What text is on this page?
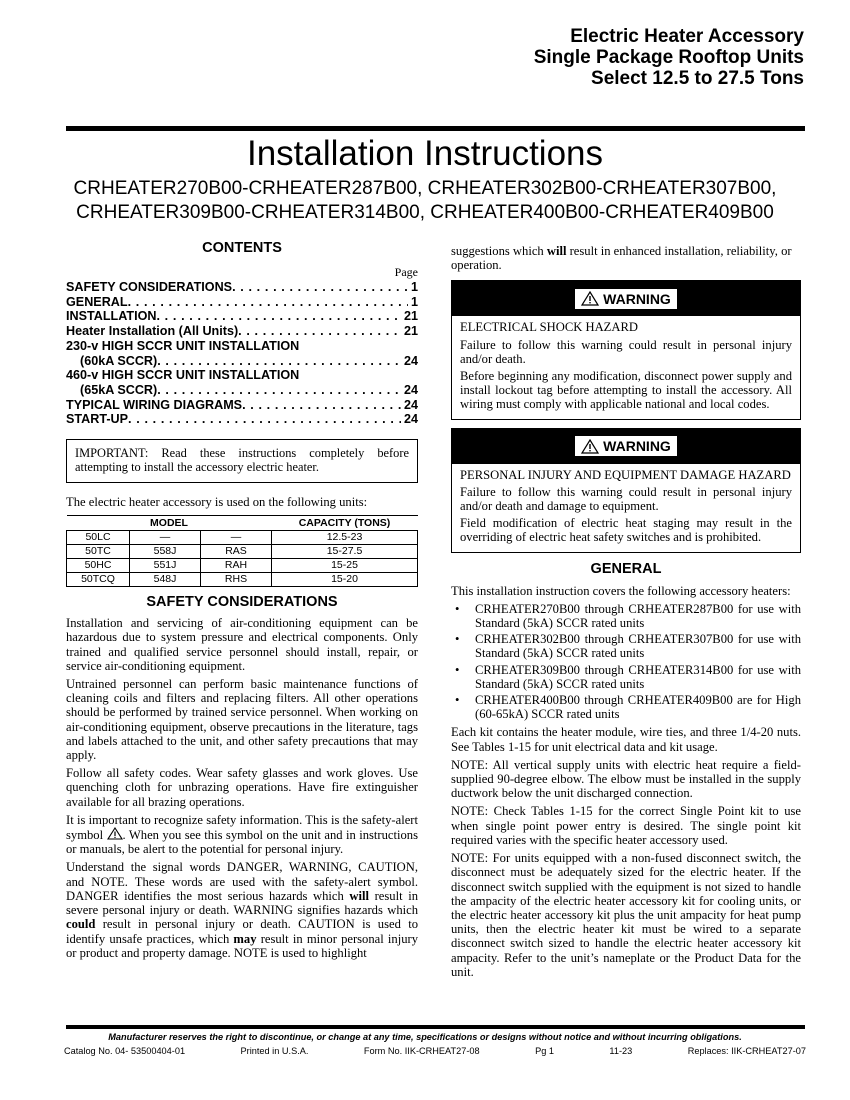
Electric Heater Accessory
Single Package Rooftop Units
Select 12.5 to 27.5 Tons
Installation Instructions
CRHEATER270B00-CRHEATER287B00, CRHEATER302B00-CRHEATER307B00,
CRHEATER309B00-CRHEATER314B00, CRHEATER400B00-CRHEATER409B00
CONTENTS
Page
SAFETY CONSIDERATIONS . . .	1
GENERAL . . .	1
INSTALLATION . . .	21
Heater Installation (All Units) . . .	21
230-v HIGH SCCR UNIT INSTALLATION
(60kA SCCR) . . .	24
460-v HIGH SCCR UNIT INSTALLATION
(65kA SCCR) . . .	24
TYPICAL WIRING DIAGRAMS . . .	24
START-UP . . .	24
IMPORTANT: Read these instructions completely before attempting to install the accessory electric heater.
The electric heater accessory is used on the following units:
MODEL			CAPACITY (TONS)
50LC	—	—	12.5-23
50TC	558J	RAS	15-27.5
50HC	551J	RAH	15-25
50TCQ	548J	RHS	15-20
SAFETY CONSIDERATIONS

Installation and servicing of air-conditioning equipment can be hazardous due to system pressure and electrical components. Only trained and qualified service personnel should install, repair, or service air-conditioning equipment.

Untrained personnel can perform basic maintenance functions of cleaning coils and filters and replacing filters. All other operations should be performed by trained service personnel. When working on air-conditioning equipment, observe precautions in the literature, tags and labels attached to the unit, and other safety precautions that may apply.

Follow all safety codes. Wear safety glasses and work gloves. Use quenching cloth for unbrazing operations. Have fire extinguisher available for all brazing operations.

It is important to recognize safety information. This is the safety-alert symbol . When you see this symbol on the unit and in instructions or manuals, be alert to the potential for personal injury.

Understand the signal words DANGER, WARNING, CAUTION, and NOTE. These words are used with the safety-alert symbol. DANGER identifies the most serious hazards which will result in severe personal injury or death. WARNING signifies hazards which could result in personal injury or death. CAUTION is used to identify unsafe practices, which may result in minor personal injury or product and property damage. NOTE is used to highlight

suggestions which will result in enhanced installation, reliability, or operation.

WARNING

ELECTRICAL SHOCK HAZARD

Failure to follow this warning could result in personal injury and/or death.

Before beginning any modification, disconnect power supply and install lockout tag before attempting to install the accessory. All wiring must comply with applicable national and local codes.

WARNING

PERSONAL INJURY AND EQUIPMENT DAMAGE HAZARD

Failure to follow this warning could result in personal injury and/or death and damage to equipment.

Field modification of electric heat staging may result in the overriding of electric heat safety switches and is prohibited.

GENERAL

This installation instruction covers the following accessory heaters:

• CRHEATER270B00 through CRHEATER287B00 for use with Standard (5kA) SCCR rated units
• CRHEATER302B00 through CRHEATER307B00 for use with Standard (5kA) SCCR rated units
• CRHEATER309B00 through CRHEATER314B00 for use with Standard (5kA) SCCR rated units
• CRHEATER400B00 through CRHEATER409B00 are for High (60-65kA) SCCR rated units

Each kit contains the heater module, wire ties, and three 1/4-20 nuts. See Tables 1-15 for unit electrical data and kit usage.

NOTE: All vertical supply units with electric heat require a field-supplied 90-degree elbow. The elbow must be installed in the supply ductwork below the unit discharged connection.

NOTE: Check Tables 1-15 for the correct Single Point kit to use when single point power entry is desired. The single point kit required varies with the specific heater accessory used.

NOTE: For units equipped with a non-fused disconnect switch, the disconnect must be adequately sized for the electric heater. If the disconnect switch supplied with the equipment is not sized to handle the ampacity of the electric heater accessory kit for cooling units, or the electric heater accessory kit plus the unit ampacity for heat pump units, then the electric heater kit must be wired to a separate disconnect switch sized to handle the electric heater accessory kit ampacity. Refer to the unit’s nameplate or the Product Data for the unit.

Manufacturer reserves the right to discontinue, or change at any time, specifications or designs without notice and without incurring obligations.
Catalog No. 04- 53500404-01	Printed in U.S.A.	Form No. IIK-CRHEAT27-08	Pg 1	11-23	Replaces: IIK-CRHEAT27-07
